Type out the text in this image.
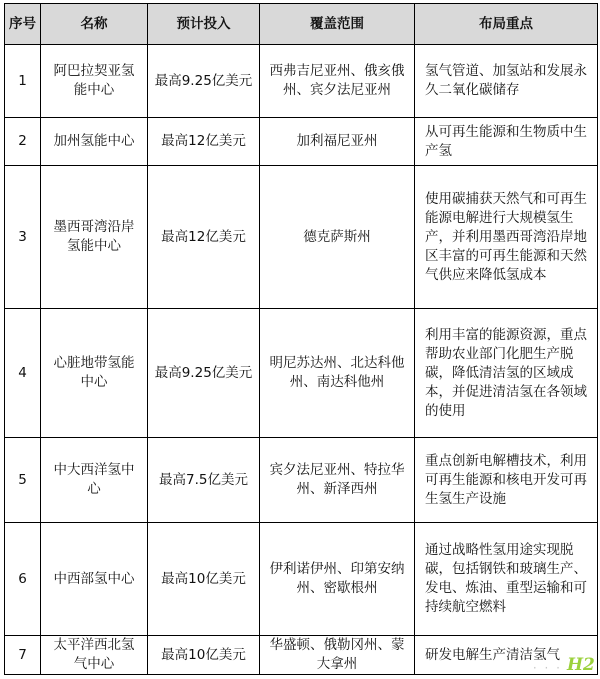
序号	名称	预计投入	覆盖范围	布局重点
1	阿巴拉契亚氢能中心	最高9.25亿美元	西弗吉尼亚州、俄亥俄州、宾夕法尼亚州	氢气管道、加氢站和发展永久二氧化碳储存
2	加州氢能中心	最高12亿美元	加利福尼亚州	从可再生能源和生物质中生产氢
3	墨西哥湾沿岸氢能中心	最高12亿美元	德克萨斯州	使用碳捕获天然气和可再生能源电解进行大规模氢生产，并利用墨西哥湾沿岸地区丰富的可再生能源和天然气供应来降低氢成本
4	心脏地带氢能中心	最高9.25亿美元	明尼苏达州、北达科他州、南达科他州	利用丰富的能源资源，重点帮助农业部门化肥生产脱碳，降低清洁氢的区域成本，并促进清洁氢在各领域的使用
5	中大西洋氢中心	最高7.5亿美元	宾夕法尼亚州、特拉华州、新泽西州	重点创新电解槽技术，利用可再生能源和核电开发可再生氢生产设施
6	中西部氢中心	最高10亿美元	伊利诺伊州、印第安纳州、密歇根州	通过战略性氢用途实现脱碳，包括钢铁和玻璃生产、发电、炼油、重型运输和可持续航空燃料
7	太平洋西北氢气中心	最高10亿美元	华盛顿、俄勒冈州、蒙大拿州	研发电解生产清洁氢气
· · · H2
